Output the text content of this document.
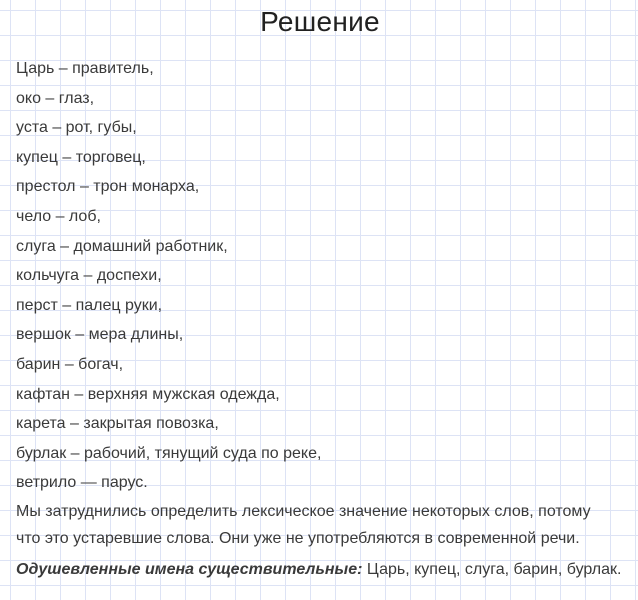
Решение
Царь – правитель,
око – глаз,
уста – рот, губы,
купец – торговец,
престол – трон монарха,
чело – лоб,
слуга – домашний работник,
кольчуга – доспехи,
перст – палец руки,
вершок – мера длины,
барин – богач,
кафтан – верхняя мужская одежда,
карета – закрытая повозка,
бурлак – рабочий, тянущий суда по реке,
ветрило — парус.
Мы затруднились определить лексическое значение некоторых слов, потому
что это устаревшие слова. Они уже не употребляются в современной речи.
Одушевленные имена существительные: Царь, купец, слуга, барин, бурлак.
